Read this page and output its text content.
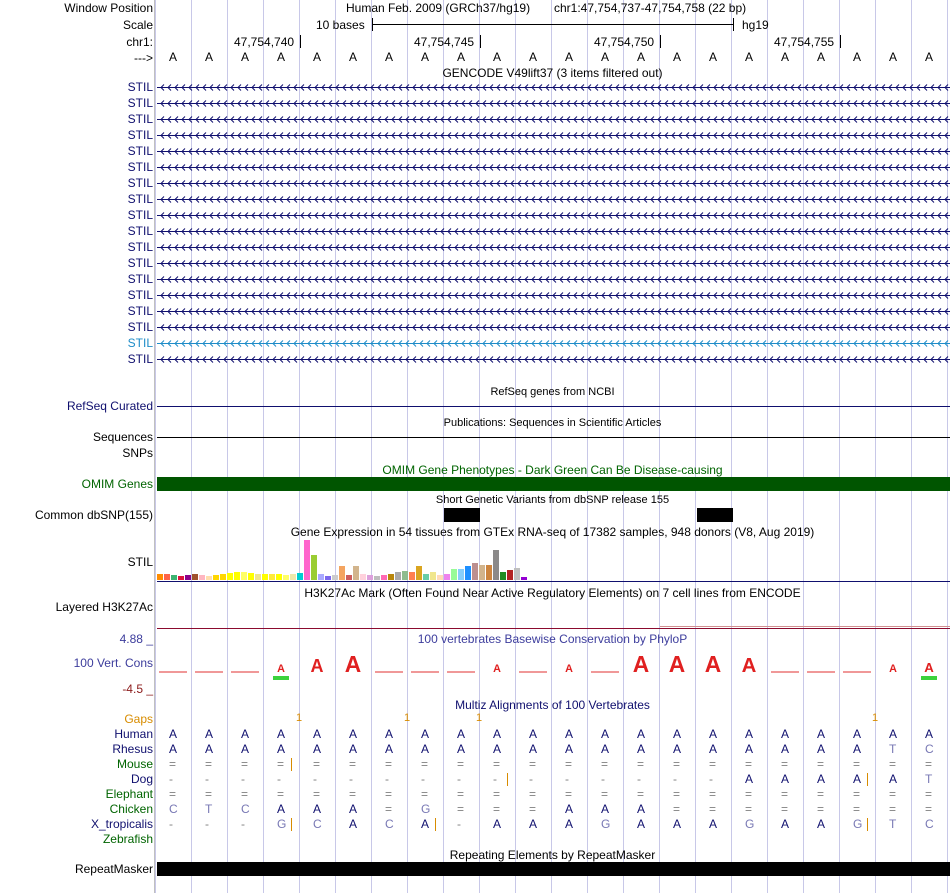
Window Position
Scale
chr1:
--->
Human Feb. 2009 (GRCh37/hg19) chr1:47,754,737-47,754,758 (22 bp)
10 bases	hg19
47,754,740	47,754,745	47,754,750	47,754,755
A A A A A A A A A A A A A A A A A A A A A A
GENCODE V49lift37 (3 items filtered out)
STIL
STIL
STIL
STIL
STIL
STIL
STIL
STIL
STIL
STIL
STIL
STIL
STIL
STIL
STIL
STIL
STIL
STIL
RefSeq genes from NCBI
RefSeq Curated
Publications: Sequences in Scientific Articles
Sequences
SNPs
OMIM Gene Phenotypes - Dark Green Can Be Disease-causing
OMIM Genes
Short Genetic Variants from dbSNP release 155
Common dbSNP(155)
Gene Expression in 54 tissues from GTEx RNA-seq of 17382 samples, 948 donors (V8, Aug 2019)
STIL
H3K27Ac Mark (Often Found Near Active Regulatory Elements) on 7 cell lines from ENCODE
Layered H3K27Ac
100 vertebrates Basewise Conservation by PhyloP
4.88 _
100 Vert. Cons
-4.5 _
A A A	A	A	A A A A	A A
Multiz Alignments of 100 Vertebrates
Gaps	1	1	1	1
Human A A A A A A A A A A A A A A A A A A A A A A
Rhesus A A A A A A A A A A A A A A A A A A A A T C
Mouse = = = = = = = = = = = = = = = = = = = = = =
Dog -	-	-	-	-	-	-	-	-	-	-	-	-	-	-	-	A A A A A T
Elephant = = = = = = = = = = = = = = = = = = = = = =
Chicken C T C A A A = G = = = A A A = = = = = = = =
X_tropicalis -	-	-	G C A C A -	A A A G A A A G A A G T C
Zebrafish
Repeating Elements by RepeatMasker
RepeatMasker
